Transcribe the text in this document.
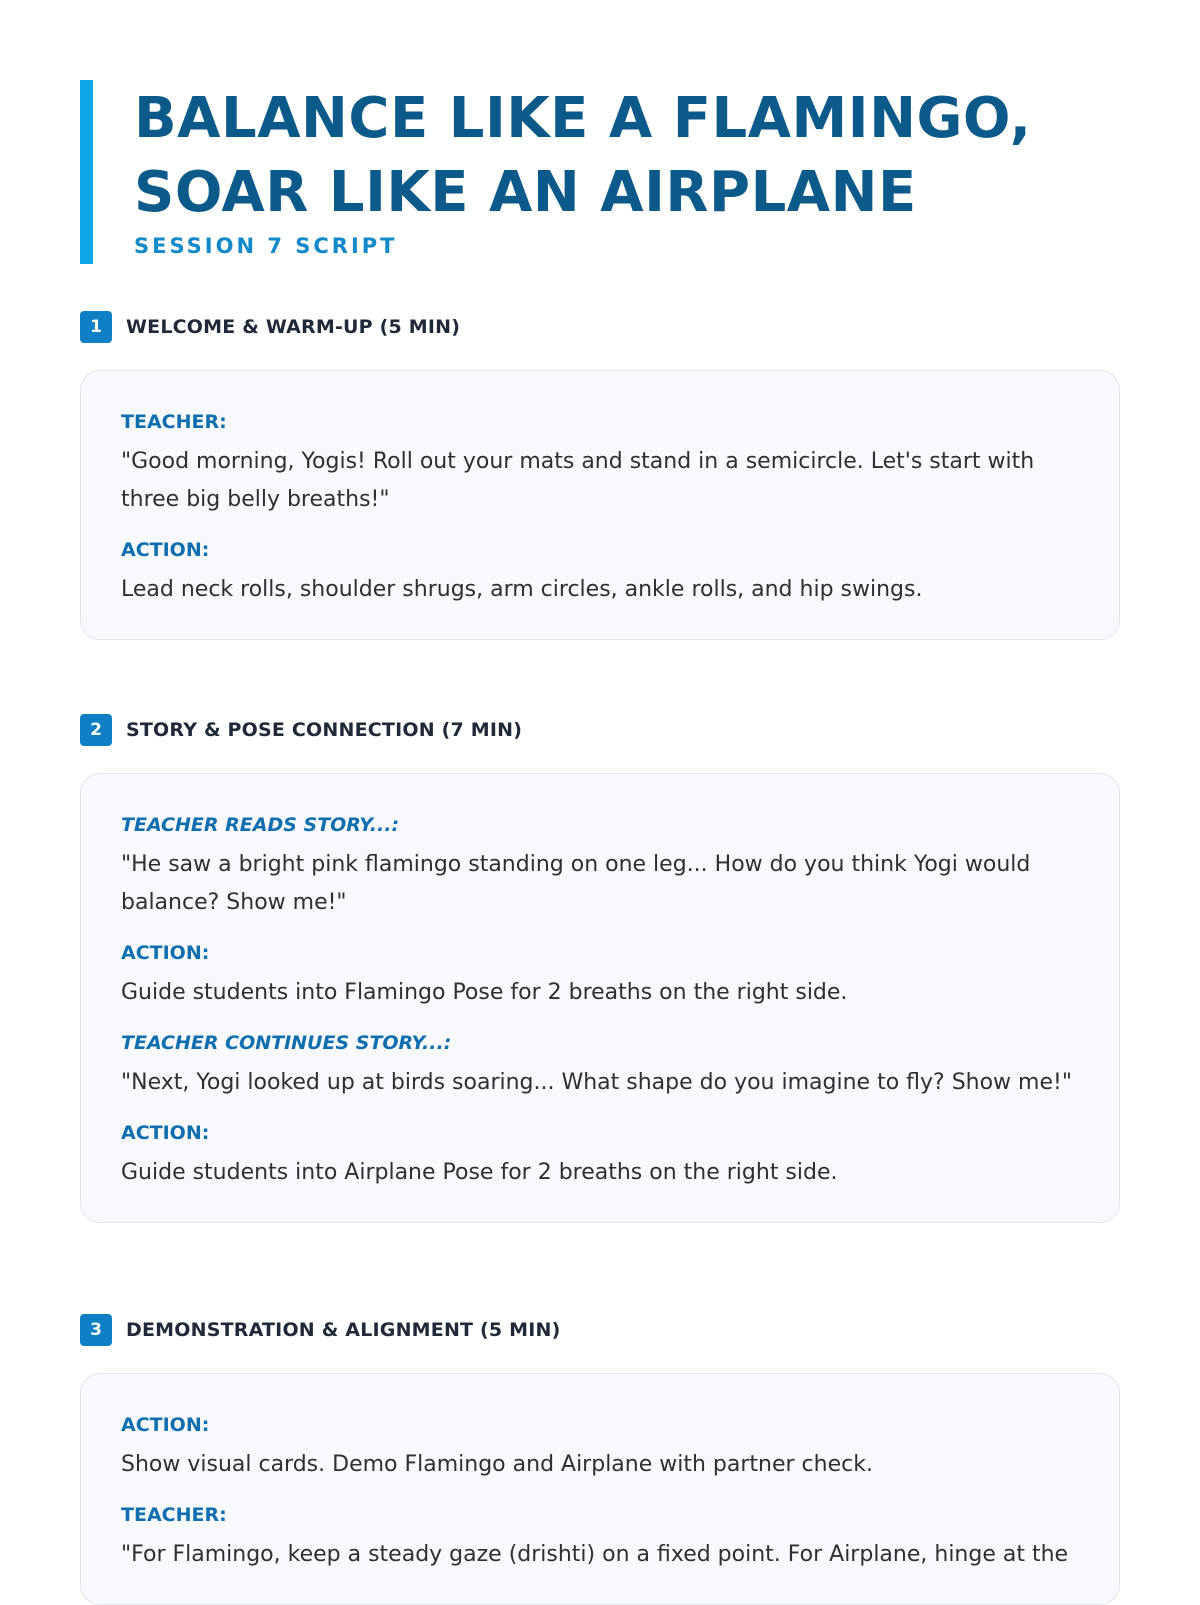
BALANCE LIKE A FLAMINGO,
SOAR LIKE AN AIRPLANE
SESSION 7 SCRIPT
1	WELCOME & WARM-UP (5 MIN)

TEACHER:

"Good morning, Yogis! Roll out your mats and stand in a semicircle. Let's start with three big belly breaths!"

ACTION:

Lead neck rolls, shoulder shrugs, arm circles, ankle rolls, and hip swings.

2	STORY & POSE CONNECTION (7 MIN)

TEACHER READS STORY...:

"He saw a bright pink flamingo standing on one leg... How do you think Yogi would balance? Show me!"

ACTION:

Guide students into Flamingo Pose for 2 breaths on the right side.

TEACHER CONTINUES STORY...:

"Next, Yogi looked up at birds soaring... What shape do you imagine to fly? Show me!"

ACTION:

Guide students into Airplane Pose for 2 breaths on the right side.

3	DEMONSTRATION & ALIGNMENT (5 MIN)

ACTION:

Show visual cards. Demo Flamingo and Airplane with partner check.

TEACHER:

"For Flamingo, keep a steady gaze (drishti) on a fixed point. For Airplane, hinge at the
